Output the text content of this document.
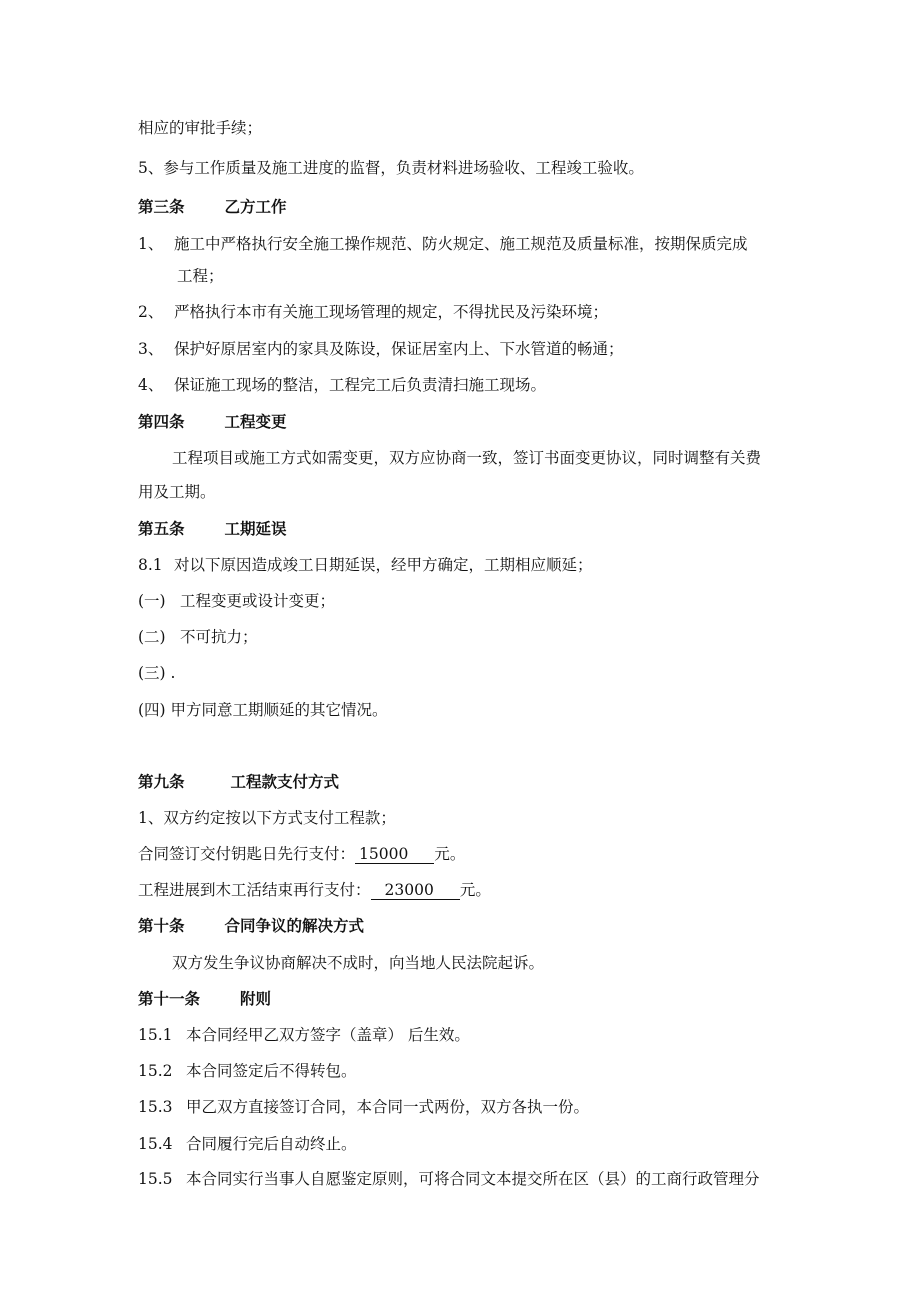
相应的审批手续；
5、参与工作质量及施工进度的监督，负责材料进场验收、工程竣工验收。
第三条	乙方工作
1、 施工中严格执行安全施工操作规范、防火规定、施工规范及质量标准，按期保质完成
工程；
2、 严格执行本市有关施工现场管理的规定，不得扰民及污染环境；
3、 保护好原居室内的家具及陈设，保证居室内上、下水管道的畅通；
4、 保证施工现场的整洁，工程完工后负责清扫施工现场。
第四条	工程变更
工程项目或施工方式如需变更，双方应协商一致，签订书面变更协议，同时调整有关费
用及工期。
第五条	工期延误
8.1 对以下原因造成竣工日期延误，经甲方确定，工期相应顺延；
(一) 工程变更或设计变更；
(二) 不可抗力；
(三) .
(四) 甲方同意工期顺延的其它情况。
第九条	工程款支付方式
1、双方约定按以下方式支付工程款；
合同签订交付钥匙日先行支付： 15000 元。
工程进展到木工活结束再行支付： 23000 元。
第十条	合同争议的解决方式
双方发生争议协商解决不成时，向当地人民法院起诉。
第十一条	附则
15.1 本合同经甲乙双方签字（盖章） 后生效。
15.2 本合同签定后不得转包。
15.3 甲乙双方直接签订合同，本合同一式两份，双方各执一份。
15.4 合同履行完后自动终止。
15.5 本合同实行当事人自愿鉴定原则，可将合同文本提交所在区（县）的工商行政管理分
